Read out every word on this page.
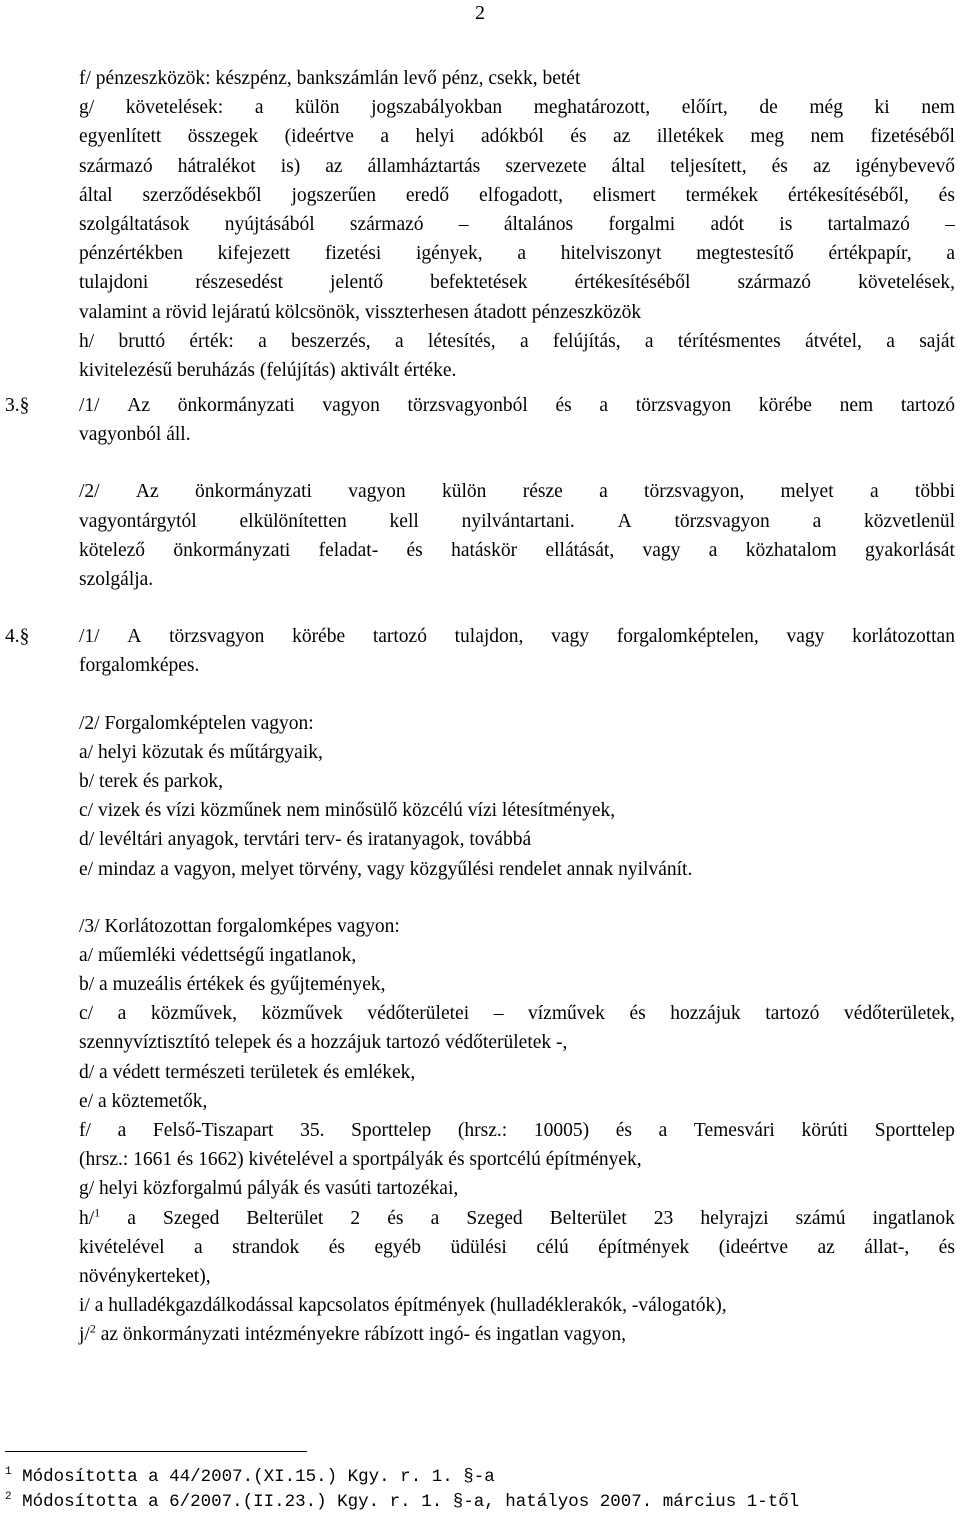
2
f/ pénzeszközök: készpénz, bankszámlán levő pénz, csekk, betét
g/ követelések: a külön jogszabályokban meghatározott, előírt, de még ki nem
egyenlített összegek (ideértve a helyi adókból és az illetékek meg nem fizetéséből
származó hátralékot is) az államháztartás szervezete által teljesített, és az igénybevevő
által szerződésekből jogszerűen eredő elfogadott, elismert termékek értékesítéséből, és
szolgáltatások nyújtásából származó – általános forgalmi adót is tartalmazó –
pénzértékben kifejezett fizetési igények, a hitelviszonyt megtestesítő értékpapír, a
tulajdoni részesedést jelentő befektetések értékesítéséből származó követelések,
valamint a rövid lejáratú kölcsönök, visszterhesen átadott pénzeszközök
h/ bruttó érték: a beszerzés, a létesítés, a felújítás, a térítésmentes átvétel, a saját
kivitelezésű beruházás (felújítás) aktivált értéke.
/1/ Az önkormányzati vagyon törzsvagyonból és a törzsvagyon körébe nem tartozó
3.§
vagyonból áll.
/2/ Az önkormányzati vagyon külön része a törzsvagyon, melyet a többi
vagyontárgytól elkülönítetten kell nyilvántartani. A törzsvagyon a közvetlenül
kötelező önkormányzati feladat- és hatáskör ellátását, vagy a közhatalom gyakorlását
szolgálja.
/1/ A törzsvagyon körébe tartozó tulajdon, vagy forgalomképtelen, vagy korlátozottan
4.§
forgalomképes.
/2/ Forgalomképtelen vagyon:
a/ helyi közutak és műtárgyaik,
b/ terek és parkok,
c/ vizek és vízi közműnek nem minősülő közcélú vízi létesítmények,
d/ levéltári anyagok, tervtári terv- és iratanyagok, továbbá
e/ mindaz a vagyon, melyet törvény, vagy közgyűlési rendelet annak nyilvánít.
/3/ Korlátozottan forgalomképes vagyon:
a/ műemléki védettségű ingatlanok,
b/ a muzeális értékek és gyűjtemények,
c/ a közművek, közművek védőterületei – vízművek és hozzájuk tartozó védőterületek,
szennyvíztisztító telepek és a hozzájuk tartozó védőterületek -,
d/ a védett természeti területek és emlékek,
e/ a köztemetők,
f/ a Felső-Tiszapart 35. Sporttelep (hrsz.: 10005) és a Temesvári körúti Sporttelep
(hrsz.: 1661 és 1662) kivételével a sportpályák és sportcélú építmények,
g/ helyi közforgalmú pályák és vasúti tartozékai,
h/$^1$ a Szeged Belterület 2 és a Szeged Belterület 23 helyrajzi számú ingatlanok
kivételével a strandok és egyéb üdülési célú építmények (ideértve az állat-, és
növénykerteket),
i/ a hulladékgazdálkodással kapcsolatos építmények (hulladéklerakók, -válogatók),
j/$^2$ az önkormányzati intézményekre rábízott ingó- és ingatlan vagyon,
$^1$ Módosította a 44/2007.(XI.15.) Kgy. r. 1. §-a
$^2$ Módosította a 6/2007.(II.23.) Kgy. r. 1. §-a, hatályos 2007. március 1-től
